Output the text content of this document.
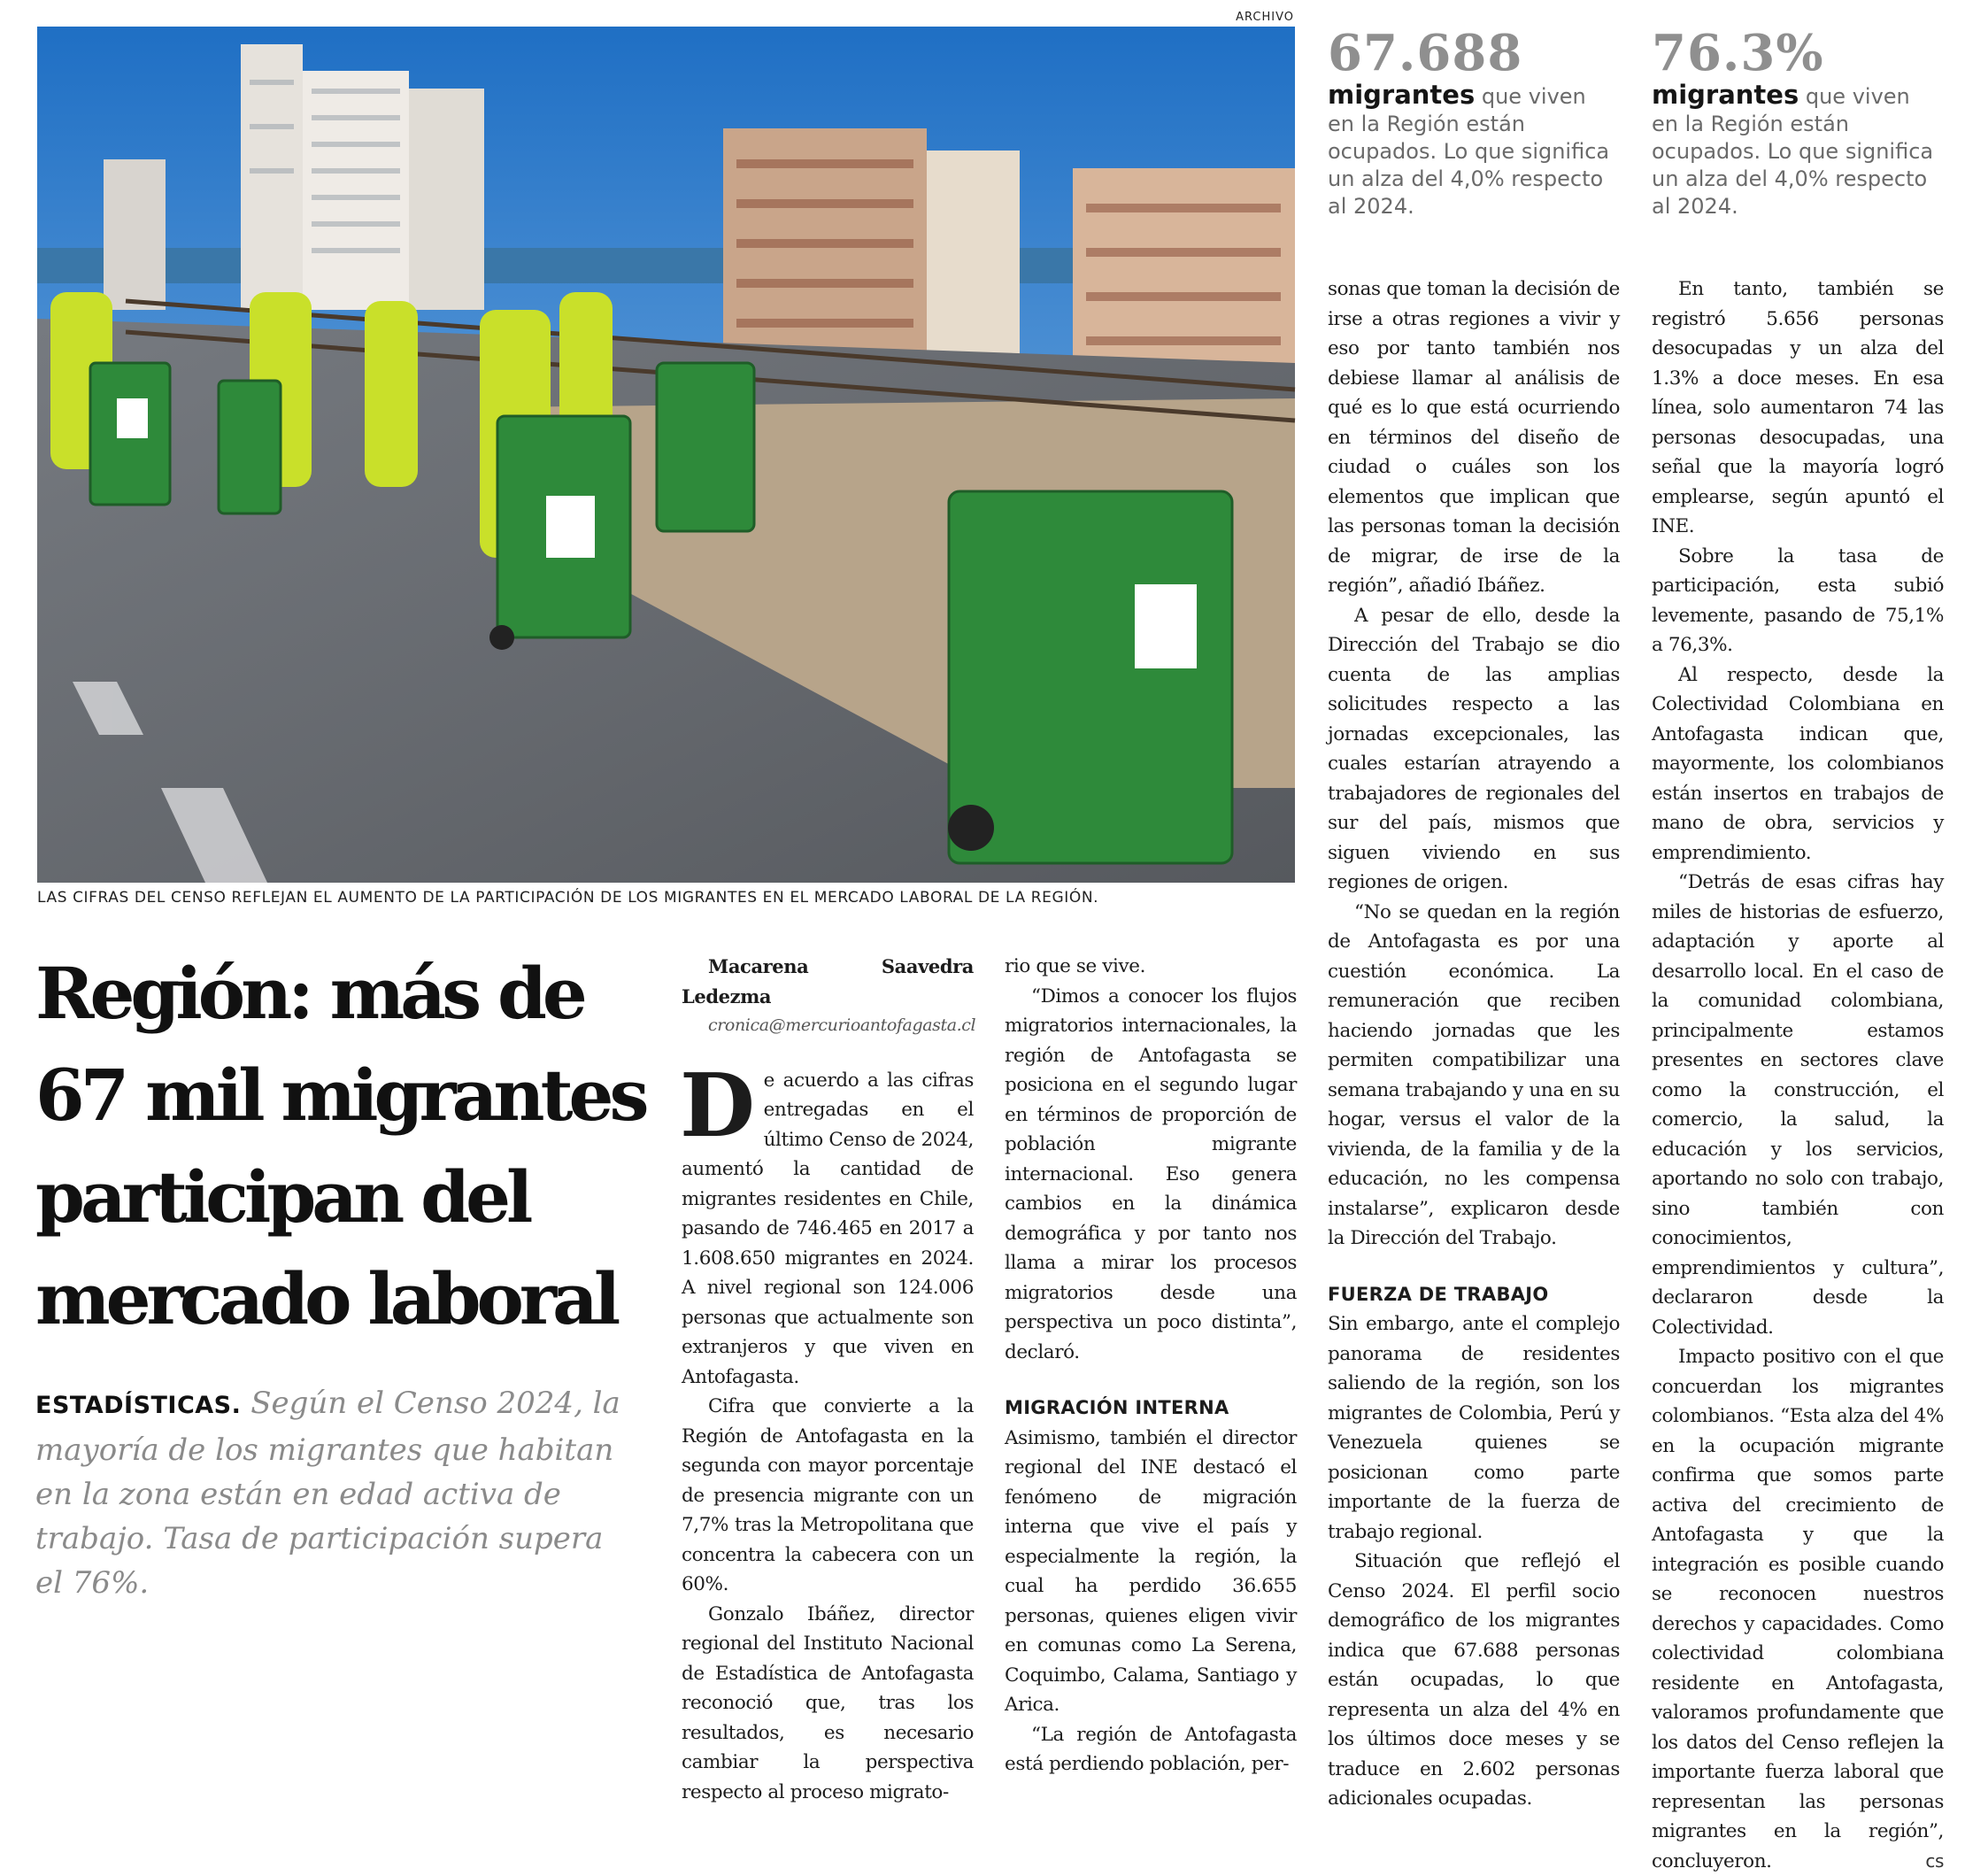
ARCHIVO
LAS CIFRAS DEL CENSO REFLEJAN EL AUMENTO DE LA PARTICIPACIÓN DE LOS MIGRANTES EN EL MERCADO LABORAL DE LA REGIÓN.
67.688
migrantes que viven en la Región están ocupados. Lo que significa un alza del 4,0% respecto al 2024.
76.3%
migrantes que viven en la Región están ocupados. Lo que significa un alza del 4,0% respecto al 2024.
Región: más de 67 mil migrantes participan del mercado laboral
ESTADÍSTICAS. Según el Censo 2024, la mayoría de los migrantes que habitan en la zona están en edad activa de trabajo. Tasa de participación supera el 76%.

Macarena Saavedra Ledezma

cronica@mercurioantofagasta.cl

De acuerdo a las cifras entregadas en el último Censo de 2024, aumentó la cantidad de migrantes residentes en Chile, pasando de 746.465 en 2017 a 1.608.650 migrantes en 2024. A nivel regional son 124.006 personas que actualmente son extranjeros y que viven en Antofagasta.

Cifra que convierte a la Región de Antofagasta en la segunda con mayor porcentaje de presencia migrante con un 7,7% tras la Metropolitana que concentra la cabecera con un 60%.

Gonzalo Ibáñez, director regional del Instituto Nacional de Estadística de Antofagasta reconoció que, tras los resultados, es necesario cambiar la perspectiva respecto al proceso migrato-

rio que se vive.

“Dimos a conocer los flujos migratorios internacionales, la región de Antofagasta se posiciona en el segundo lugar en términos de proporción de población migrante internacional. Eso genera cambios en la dinámica demográfica y por tanto nos llama a mirar los procesos migratorios desde una perspectiva un poco distinta”, declaró.

MIGRACIÓN INTERNA

Asimismo, también el director regional del INE destacó el fenómeno de migración interna que vive el país y especialmente la región, la cual ha perdido 36.655 personas, quienes eligen vivir en comunas como La Serena, Coquimbo, Calama, Santiago y Arica.

“La región de Antofagasta está perdiendo población, per-

sonas que toman la decisión de irse a otras regiones a vivir y eso por tanto también nos debiese llamar al análisis de qué es lo que está ocurriendo en términos del diseño de ciudad o cuáles son los elementos que implican que las personas toman la decisión de migrar, de irse de la región”, añadió Ibáñez.

A pesar de ello, desde la Dirección del Trabajo se dio cuenta de las amplias solicitudes respecto a las jornadas excepcionales, las cuales estarían atrayendo a trabajadores de regionales del sur del país, mismos que siguen viviendo en sus regiones de origen.

“No se quedan en la región de Antofagasta es por una cuestión económica. La remuneración que reciben haciendo jornadas que les permiten compatibilizar una semana trabajando y una en su hogar, versus el valor de la vivienda, de la familia y de la educación, no les compensa instalarse”, explicaron desde la Dirección del Trabajo.

FUERZA DE TRABAJO

Sin embargo, ante el complejo panorama de residentes saliendo de la región, son los migrantes de Colombia, Perú y Venezuela quienes se posicionan como parte importante de la fuerza de trabajo regional.

Situación que reflejó el Censo 2024. El perfil socio demográfico de los migrantes indica que 67.688 personas están ocupadas, lo que representa un alza del 4% en los últimos doce meses y se traduce en 2.602 personas adicionales ocupadas.

En tanto, también se registró 5.656 personas desocupadas y un alza del 1.3% a doce meses. En esa línea, solo aumentaron 74 las personas desocupadas, una señal que la mayoría logró emplearse, según apuntó el INE.

Sobre la tasa de participación, esta subió levemente, pasando de 75,1% a 76,3%.

Al respecto, desde la Colectividad Colombiana en Antofagasta indican que, mayormente, los colombianos están insertos en trabajos de mano de obra, servicios y emprendimiento.

“Detrás de esas cifras hay miles de historias de esfuerzo, adaptación y aporte al desarrollo local. En el caso de la comunidad colombiana, principalmente estamos presentes en sectores clave como la construcción, el comercio, la salud, la educación y los servicios, aportando no solo con trabajo, sino también con conocimientos, emprendimientos y cultura”, declararon desde la Colectividad.

Impacto positivo con el que concuerdan los migrantes colombianos. “Esta alza del 4% en la ocupación migrante confirma que somos parte activa del crecimiento de Antofagasta y que la integración es posible cuando se reconocen nuestros derechos y capacidades. Como colectividad colombiana residente en Antofagasta, valoramos profundamente que los datos del Censo reflejen la importante fuerza laboral que representan las personas migrantes en la región”, concluyeron.	cs
